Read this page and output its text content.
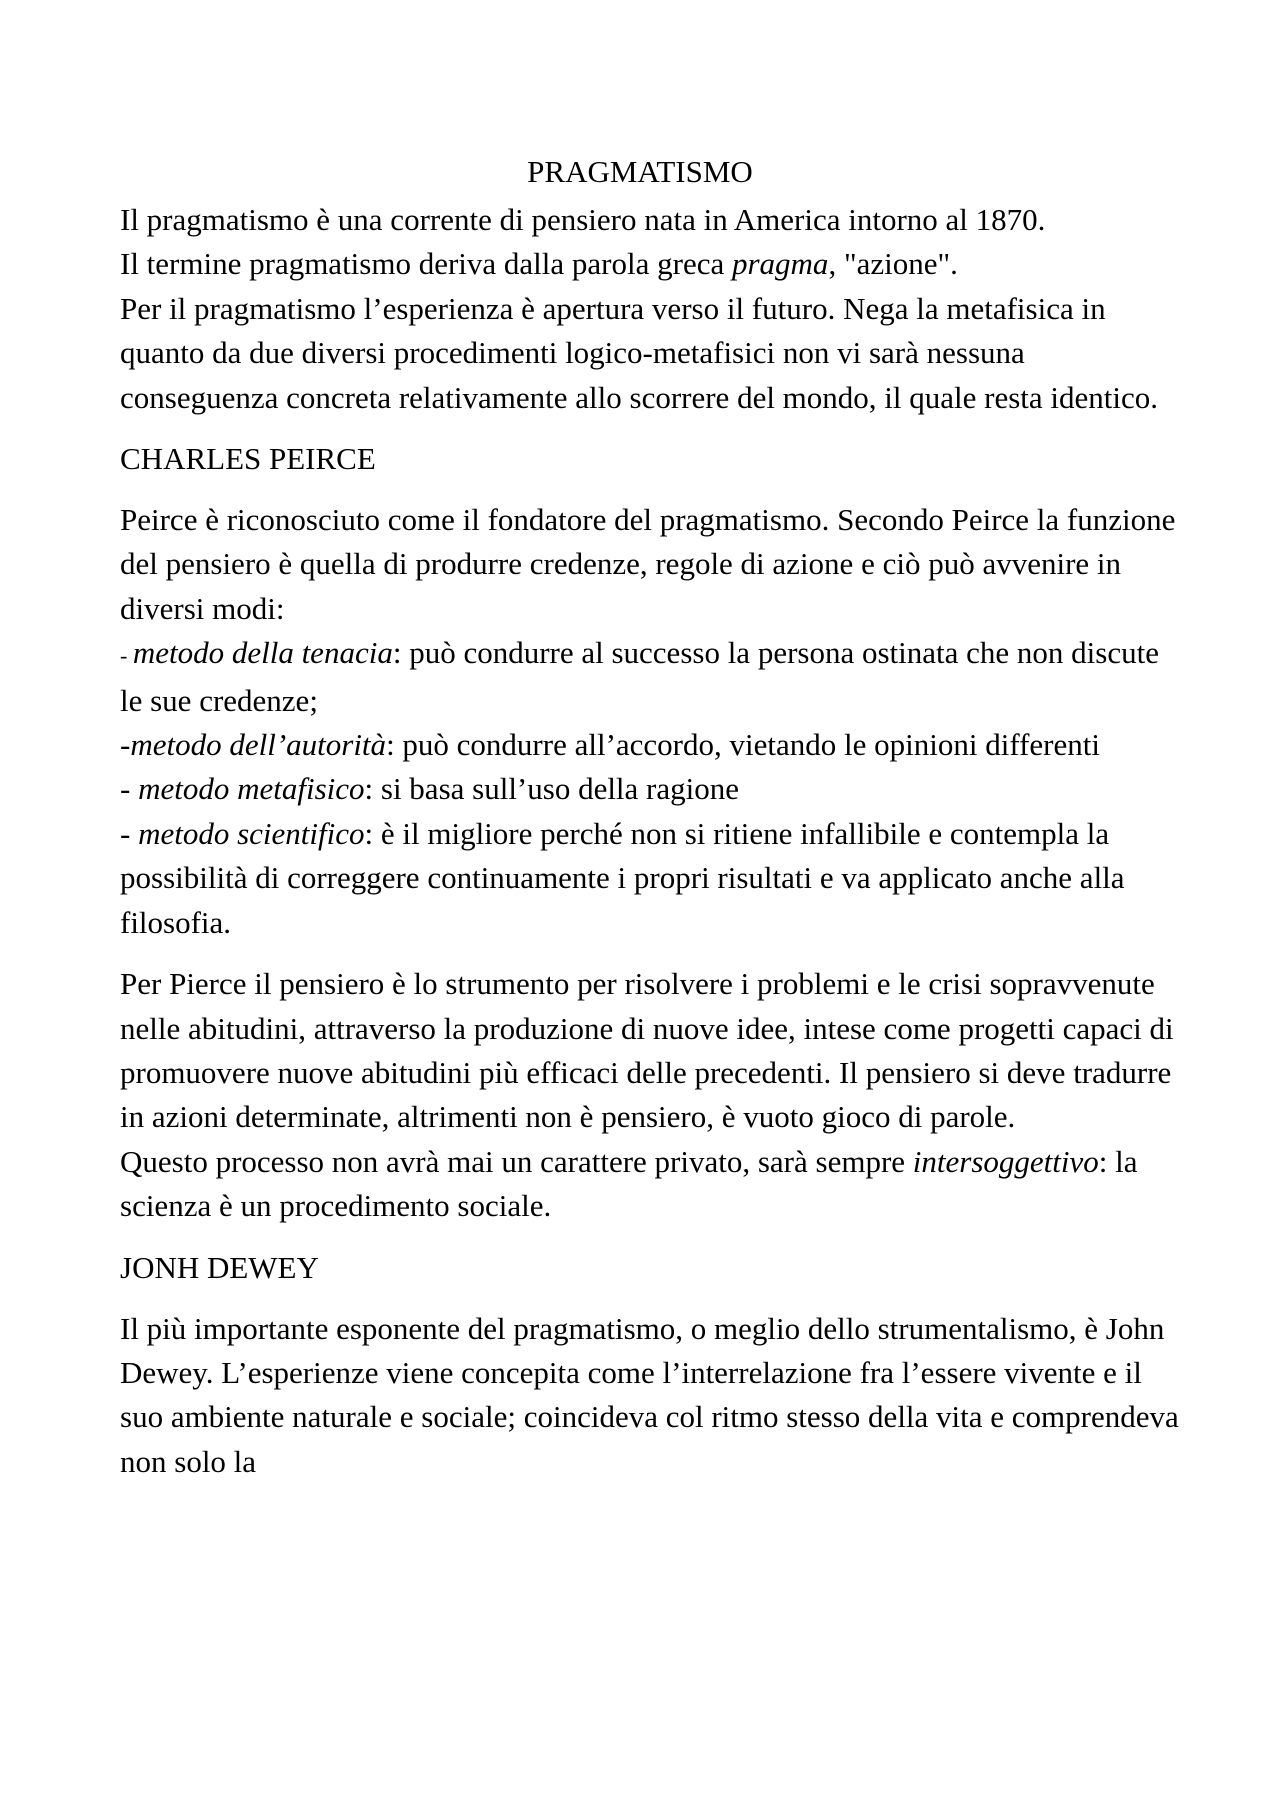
PRAGMATISMO

Il pragmatismo è una corrente di pensiero nata in America intorno al 1870.

Il termine pragmatismo deriva dalla parola greca pragma, "azione".

Per il pragmatismo l’esperienza è apertura verso il futuro. Nega la metafisica in quanto da due diversi procedimenti logico-metafisici non vi sarà nessuna conseguenza concreta relativamente allo scorrere del mondo, il quale resta identico.

CHARLES PEIRCE

Peirce è riconosciuto come il fondatore del pragmatismo. Secondo Peirce la funzione del pensiero è quella di produrre credenze, regole di azione e ciò può avvenire in diversi modi:

- metodo della tenacia: può condurre al successo la persona ostinata che non discute le sue credenze;

-metodo dell’autorità: può condurre all’accordo, vietando le opinioni differenti

- metodo metafisico: si basa sull’uso della ragione

- metodo scientifico: è il migliore perché non si ritiene infallibile e contempla la possibilità di correggere continuamente i propri risultati e va applicato anche alla filosofia.

Per Pierce il pensiero è lo strumento per risolvere i problemi e le crisi sopravvenute nelle abitudini, attraverso la produzione di nuove idee, intese come progetti capaci di promuovere nuove abitudini più efficaci delle precedenti. Il pensiero si deve tradurre in azioni determinate, altrimenti non è pensiero, è vuoto gioco di parole.

Questo processo non avrà mai un carattere privato, sarà sempre intersoggettivo: la scienza è un procedimento sociale.

JONH DEWEY

Il più importante esponente del pragmatismo, o meglio dello strumentalismo, è John Dewey. L’esperienze viene concepita come l’interrelazione fra l’essere vivente e il suo ambiente naturale e sociale; coincideva col ritmo stesso della vita e comprendeva non solo la
